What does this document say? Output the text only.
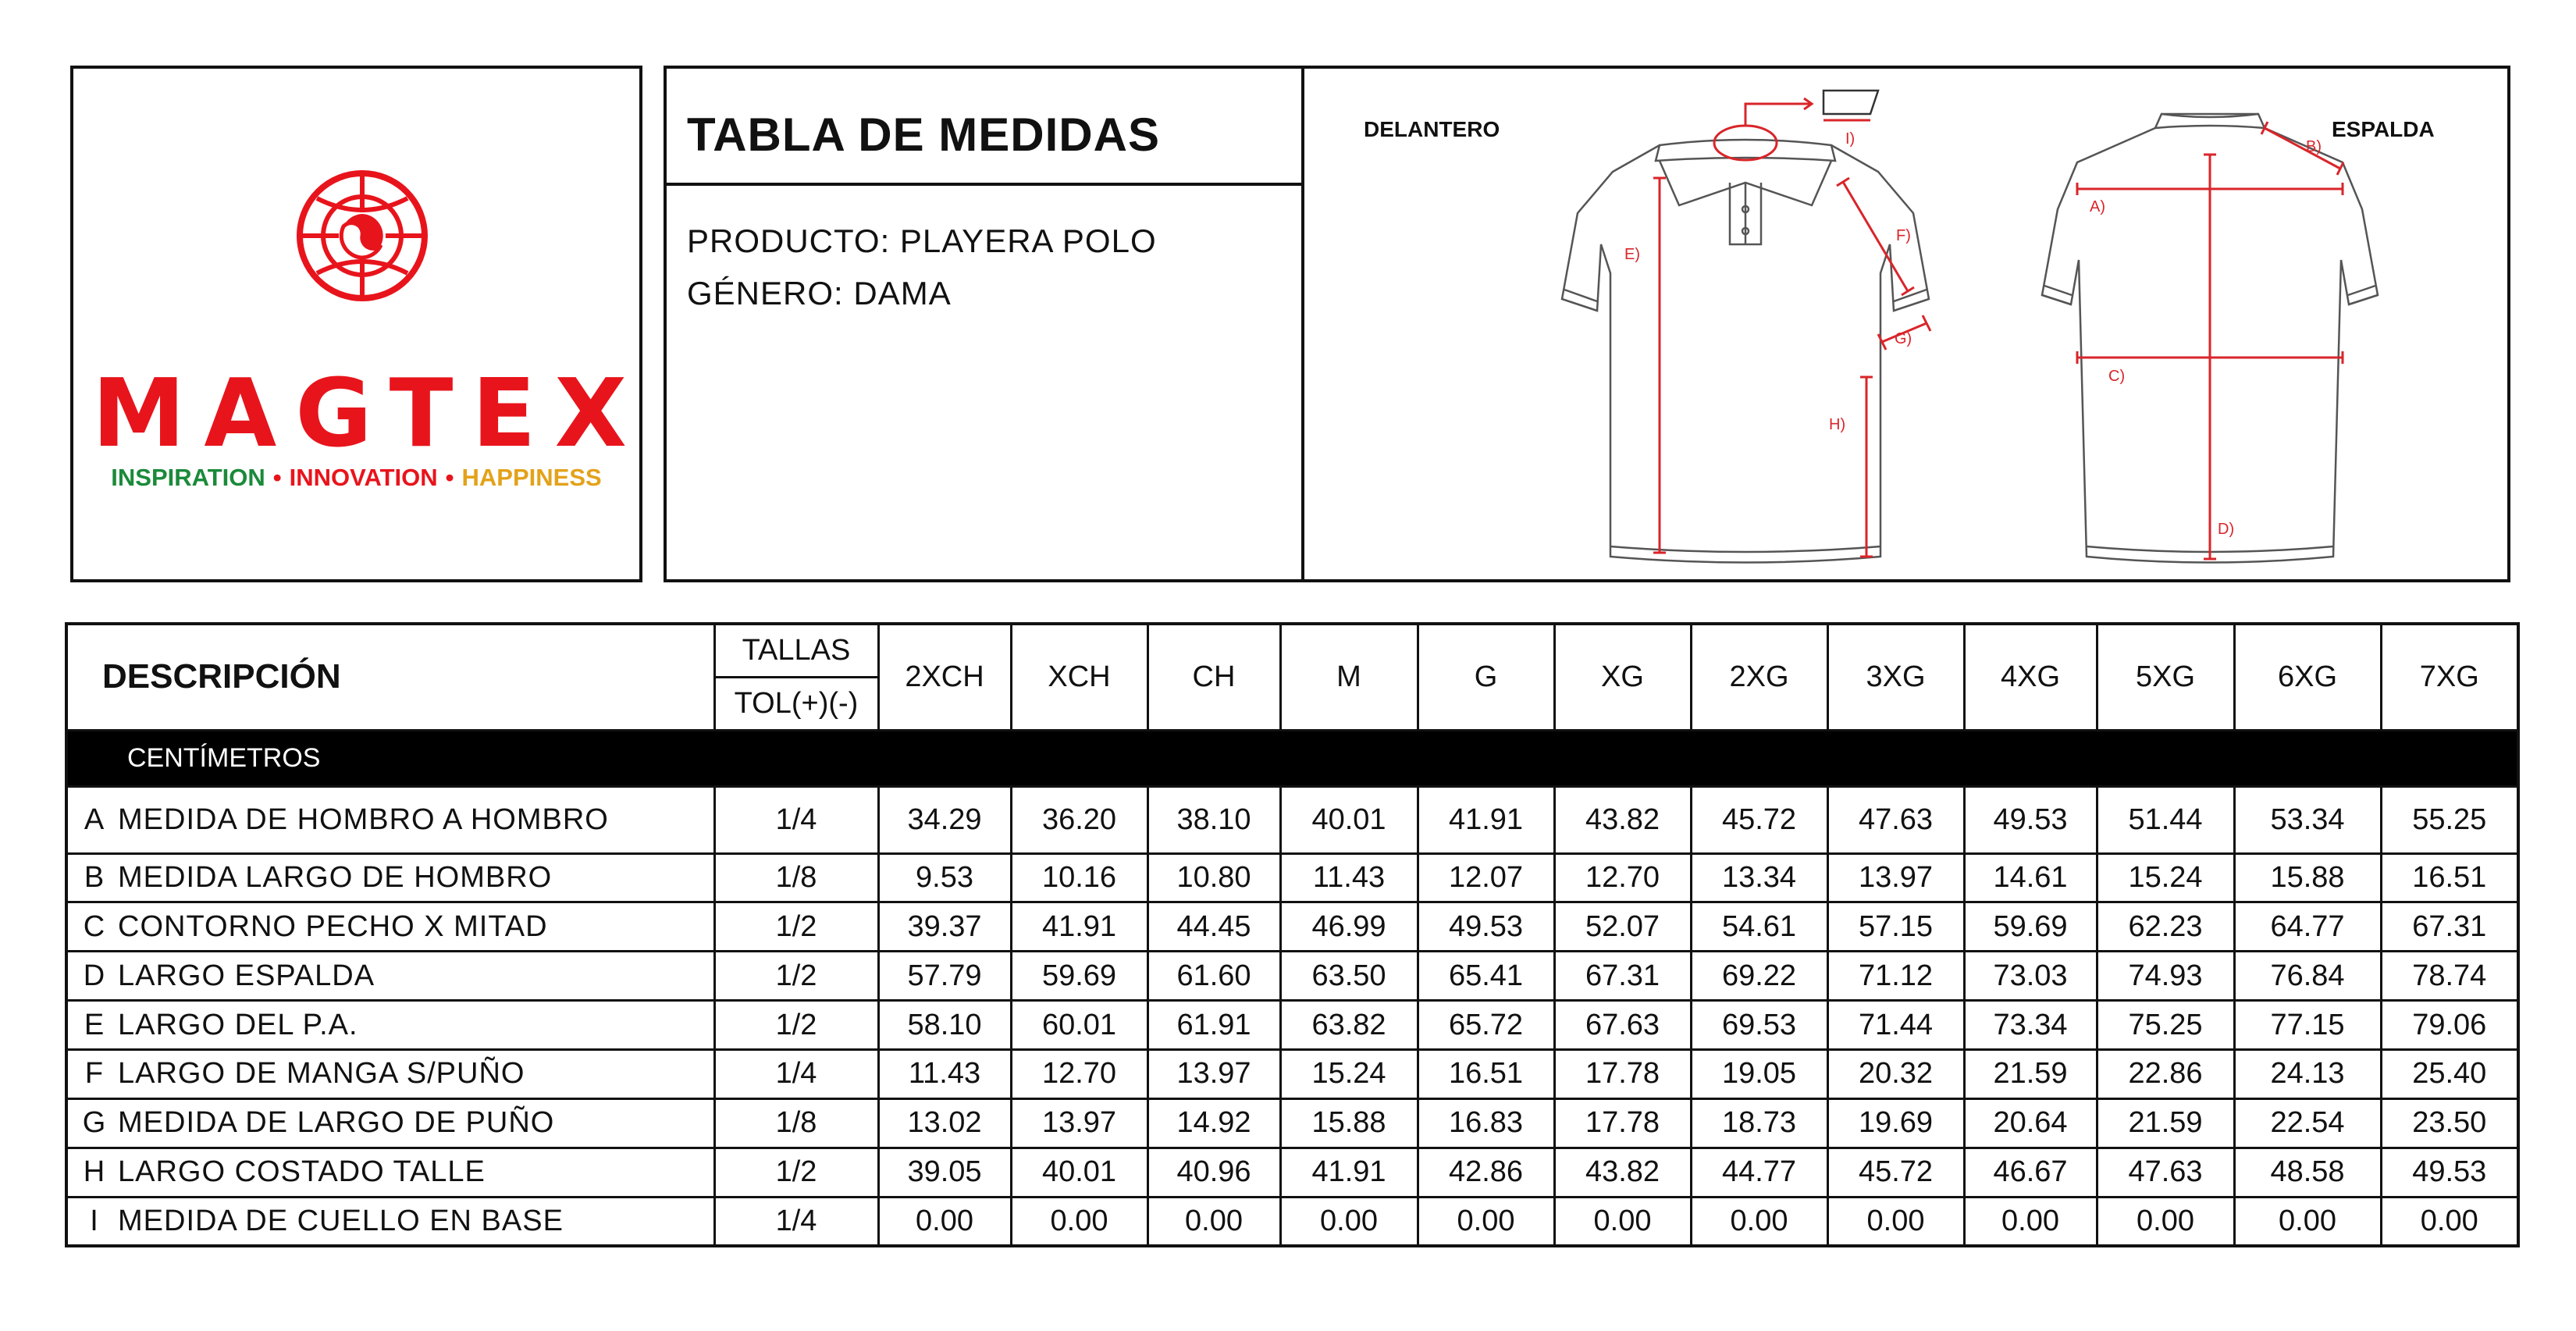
MAGTEX
INSPIRATION • INNOVATION • HAPPINESS
TABLA DE MEDIDAS
PRODUCTO: PLAYERA POLO
GÉNERO: DAMA
I)
E)
F)
G)
H)
A)
B)
C)
D)
DELANTERO	ESPALDA
DESCRIPCIÓN	TALLAS	2XCH	XCH	CH	M	G	XG	2XG	3XG	4XG	5XG	6XG	7XG
	TOL(+)(-)												
CENTÍMETROS													
A MEDIDA DE HOMBRO A HOMBRO	1/4	34.29	36.20	38.10	40.01	41.91	43.82	45.72	47.63	49.53	51.44	53.34	55.25
B MEDIDA LARGO DE HOMBRO	1/8	9.53	10.16	10.80	11.43	12.07	12.70	13.34	13.97	14.61	15.24	15.88	16.51
C CONTORNO PECHO X MITAD	1/2	39.37	41.91	44.45	46.99	49.53	52.07	54.61	57.15	59.69	62.23	64.77	67.31
D LARGO ESPALDA	1/2	57.79	59.69	61.60	63.50	65.41	67.31	69.22	71.12	73.03	74.93	76.84	78.74
E LARGO DEL P.A.	1/2	58.10	60.01	61.91	63.82	65.72	67.63	69.53	71.44	73.34	75.25	77.15	79.06
F LARGO DE MANGA S/PUÑO	1/4	11.43	12.70	13.97	15.24	16.51	17.78	19.05	20.32	21.59	22.86	24.13	25.40
G MEDIDA DE LARGO DE PUÑO	1/8	13.02	13.97	14.92	15.88	16.83	17.78	18.73	19.69	20.64	21.59	22.54	23.50
H LARGO COSTADO TALLE	1/2	39.05	40.01	40.96	41.91	42.86	43.82	44.77	45.72	46.67	47.63	48.58	49.53
I MEDIDA DE CUELLO EN BASE	1/4	0.00	0.00	0.00	0.00	0.00	0.00	0.00	0.00	0.00	0.00	0.00	0.00
